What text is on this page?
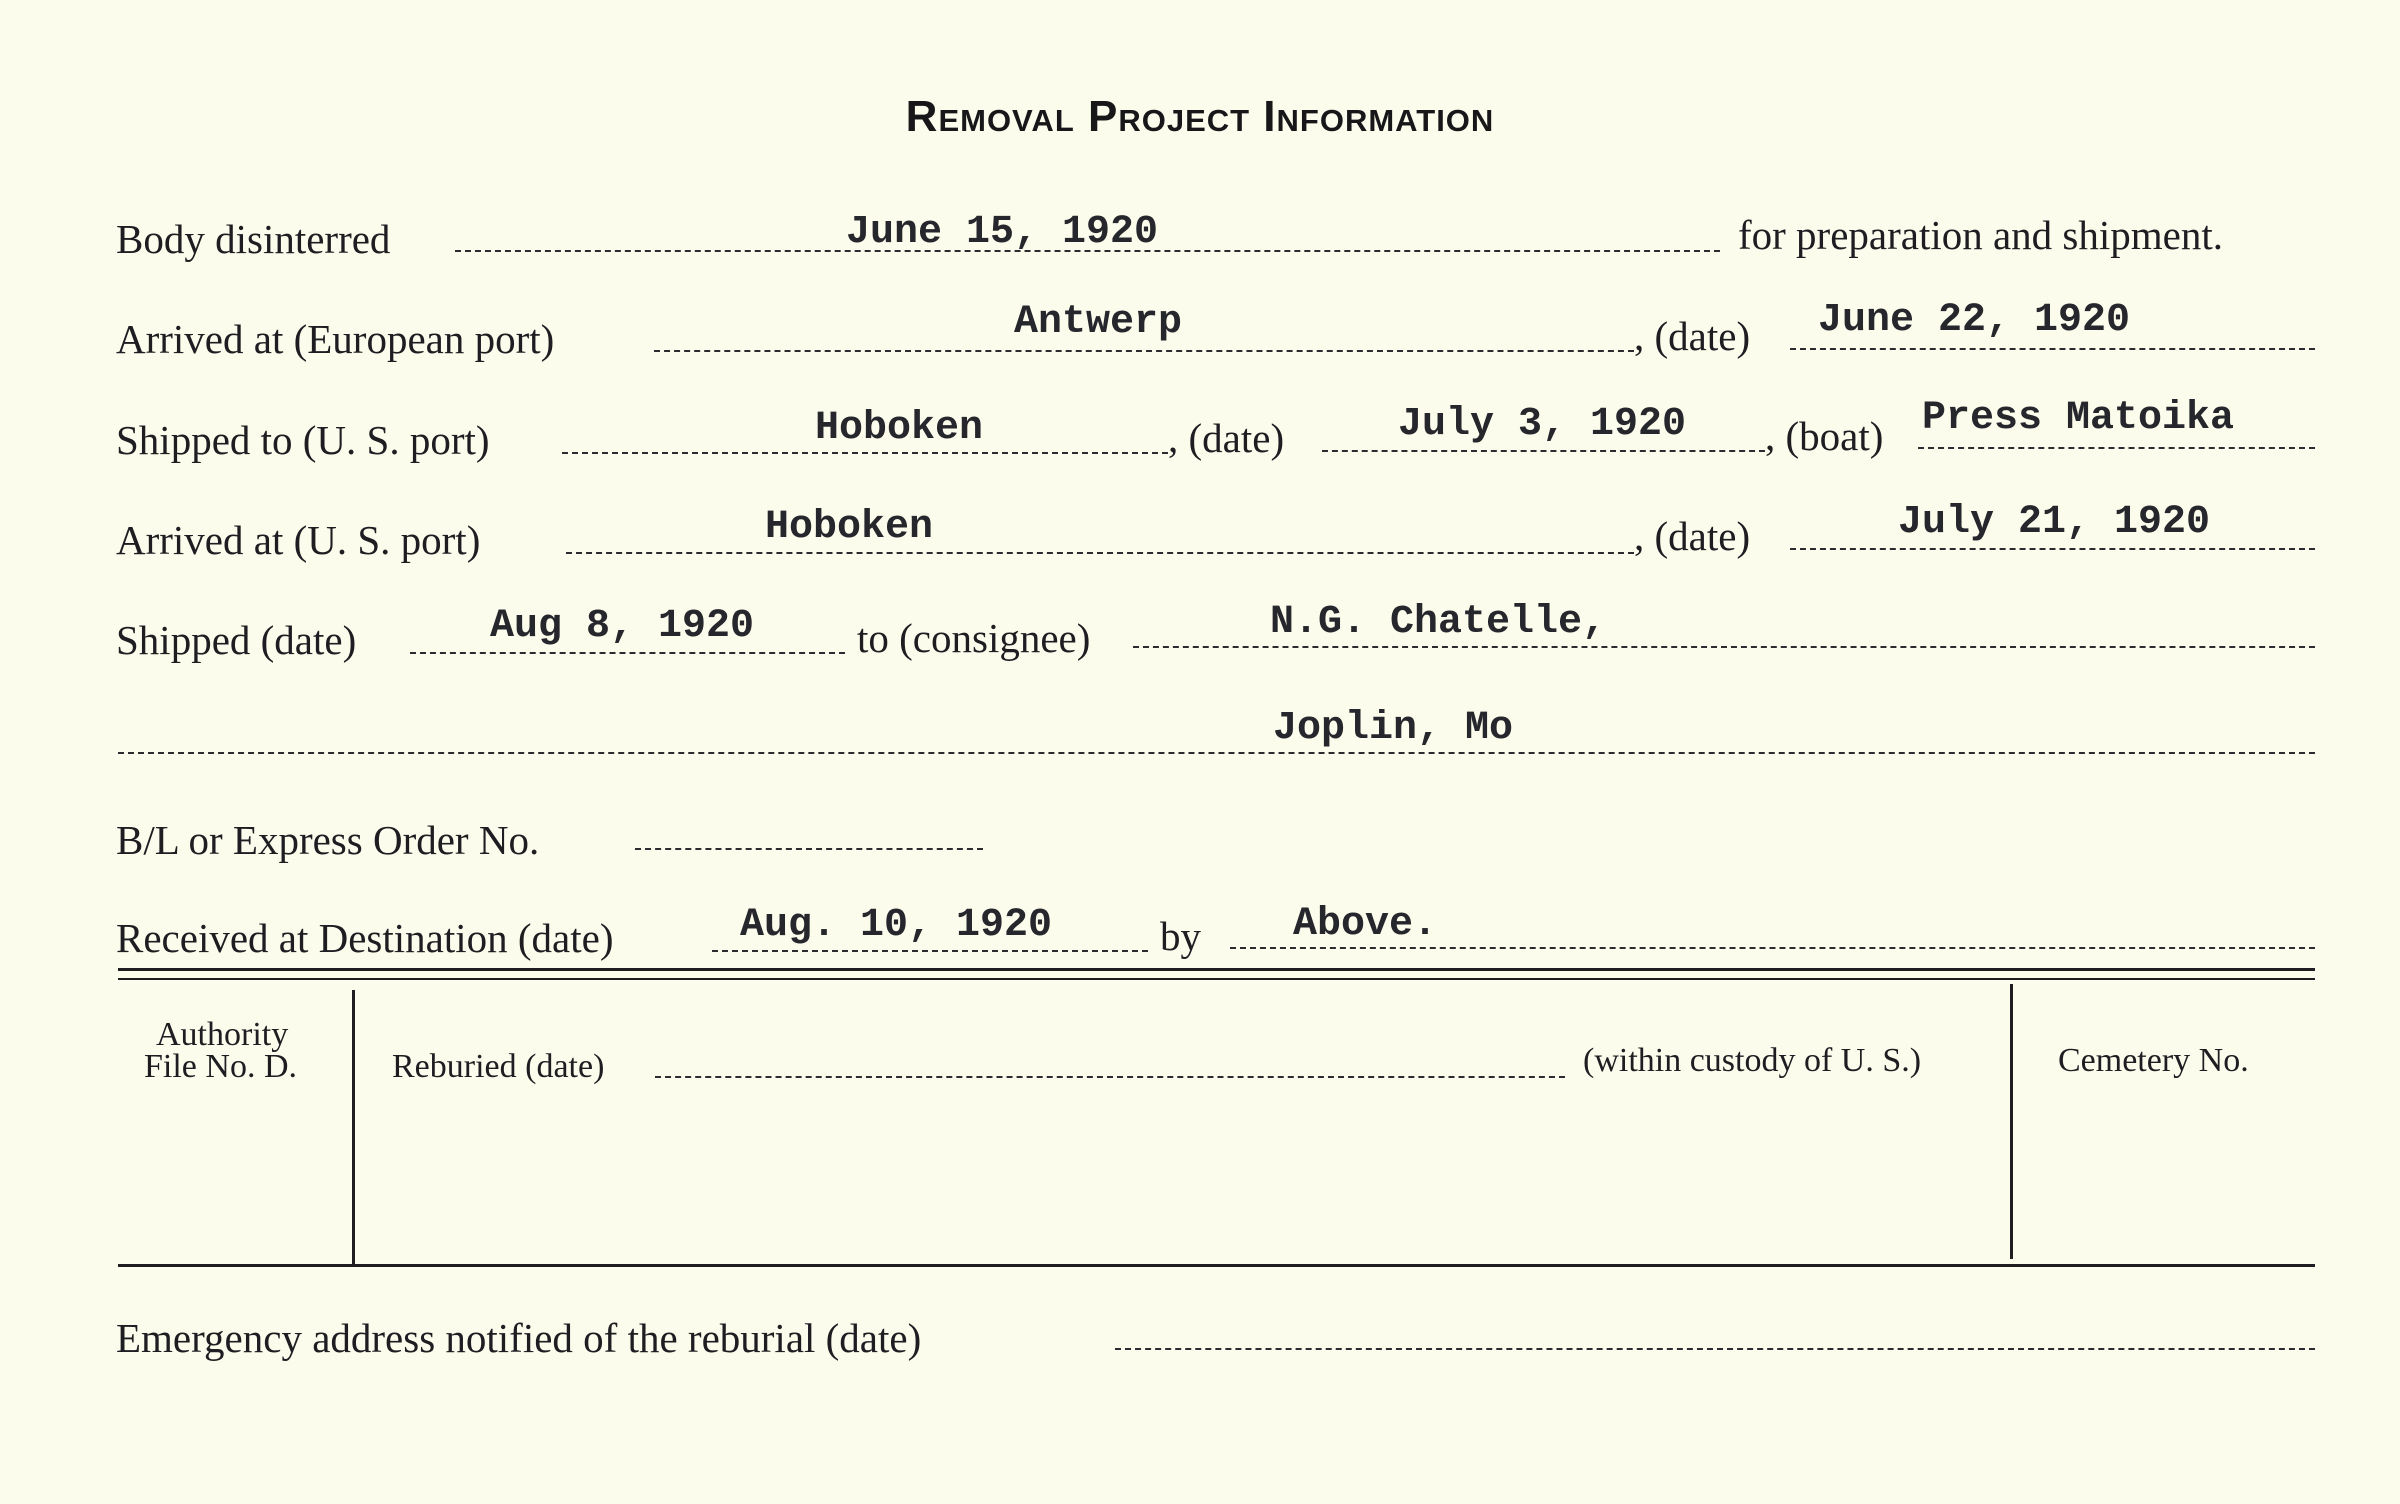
Removal Project Information
Body disinterred	June 15, 1920	for preparation and shipment.
Arrived at (European port)	Antwerp	, (date) June 22, 1920
Shipped to (U. S. port)	Hoboken	, (date)	July 3, 1920 , (boat) Press Matoika
Arrived at (U. S. port)	Hoboken	, (date)	July 21, 1920
Shipped (date)	Aug 8, 1920	to (consignee)	N.G. Chatelle,
Joplin, Mo
B/L or Express Order No.
Received at Destination (date)	Aug. 10, 1920	by Above.
Authority
File No. D.	Reburied (date)	(within custody of U. S.)	Cemetery No.
Emergency address notified of the reburial (date)
